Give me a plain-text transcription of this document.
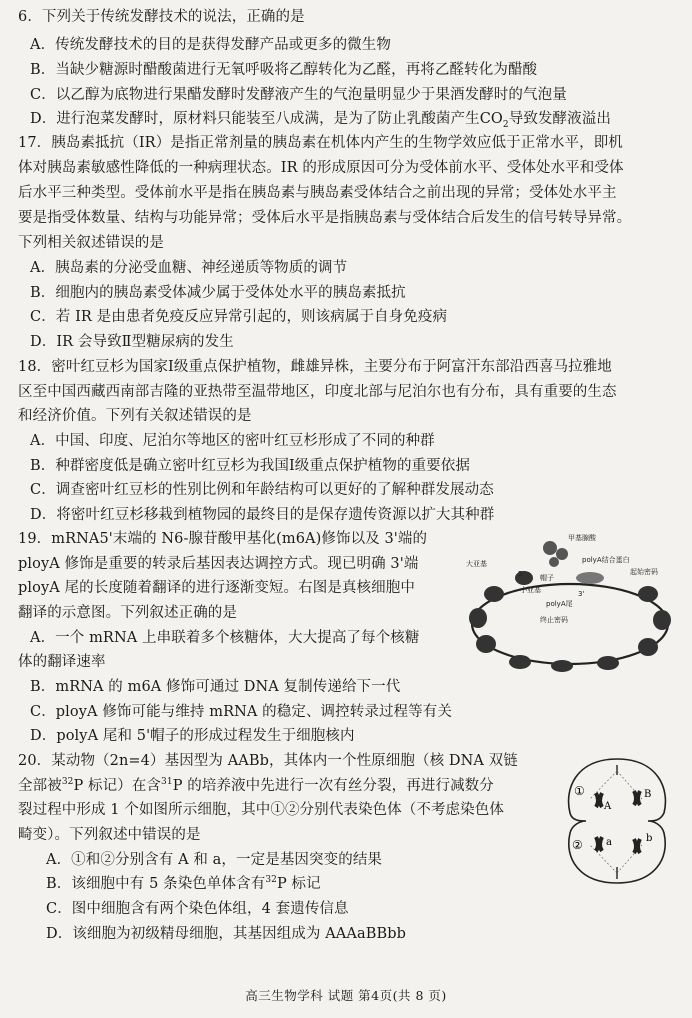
6．下列关于传统发酵技术的说法，正确的是
A．传统发酵技术的目的是获得发酵产品或更多的微生物
B．当缺少糖源时醋酸菌进行无氧呼吸将乙醇转化为乙醛，再将乙醛转化为醋酸
C．以乙醇为底物进行果醋发酵时发酵液产生的气泡量明显少于果酒发酵时的气泡量
D．进行泡菜发酵时，原材料只能装至八成满，是为了防止乳酸菌产生$CO_2$导致发酵液溢出
17．胰岛素抵抗（IR）是指正常剂量的胰岛素在机体内产生的生物学效应低于正常水平，即机
体对胰岛素敏感性降低的一种病理状态。IR 的形成原因可分为受体前水平、受体处水平和受体
后水平三种类型。受体前水平是指在胰岛素与胰岛素受体结合之前出现的异常；受体处水平主
要是指受体数量、结构与功能异常；受体后水平是指胰岛素与受体结合后发生的信号转导异常。
下列相关叙述错误的是
A．胰岛素的分泌受血糖、神经递质等物质的调节
B．细胞内的胰岛素受体减少属于受体处水平的胰岛素抵抗
C．若 IR 是由患者免疫反应异常引起的，则该病属于自身免疫病
D．IR 会导致Ⅱ型糖尿病的发生
18．密叶红豆杉为国家Ⅰ级重点保护植物，雌雄异株，主要分布于阿富汗东部沿西喜马拉雅地
区至中国西藏西南部吉隆的亚热带至温带地区，印度北部与尼泊尔也有分布，具有重要的生态
和经济价值。下列有关叙述错误的是
A．中国、印度、尼泊尔等地区的密叶红豆杉形成了不同的种群
B．种群密度低是确立密叶红豆杉为我国Ⅰ级重点保护植物的重要依据
C．调查密叶红豆杉的性别比例和年龄结构可以更好的了解种群发展动态
D．将密叶红豆杉移栽到植物园的最终目的是保存遗传资源以扩大其种群
19．mRNA5'末端的 N6-腺苷酸甲基化(m6A)修饰以及 3'端的
ployA 修饰是重要的转录后基因表达调控方式。现已明确 3'端
ployA 尾的长度随着翻译的进行逐渐变短。右图是真核细胞中
翻译的示意图。下列叙述正确的是
A．一个 mRNA 上串联着多个核糖体，大大提高了每个核糖
体的翻译速率
B．mRNA 的 m6A 修饰可通过 DNA 复制传递给下一代
C．ployA 修饰可能与维持 mRNA 的稳定、调控转录过程等有关
D．polyA 尾和 5'帽子的形成过程发生于细胞核内
大亚基
小亚基
甲基腺酸
polyA结合蛋白
帽子
polyA尾
起始密码
终止密码
5'
3'
20．某动物（2n=4）基因型为 AABb，其体内一个性原细胞（核 DNA 双链
全部被$^{32}$P 标记）在含$^{31}$P 的培养液中先进行一次有丝分裂，再进行减数分
裂过程中形成 1 个如图所示细胞，其中①②分别代表染色体（不考虑染色体
畸变）。下列叙述中错误的是
A．①和②分别含有 A 和 a，一定是基因突变的结果
B．该细胞中有 5 条染色单体含有$^{32}$P 标记
C．图中细胞含有两个染色体组，4 套遗传信息
D．该细胞为初级精母细胞，其基因组成为 AAAaBBbb
①
②
A
B
a	b
高三生物学科 试题 第4页(共 8 页)
